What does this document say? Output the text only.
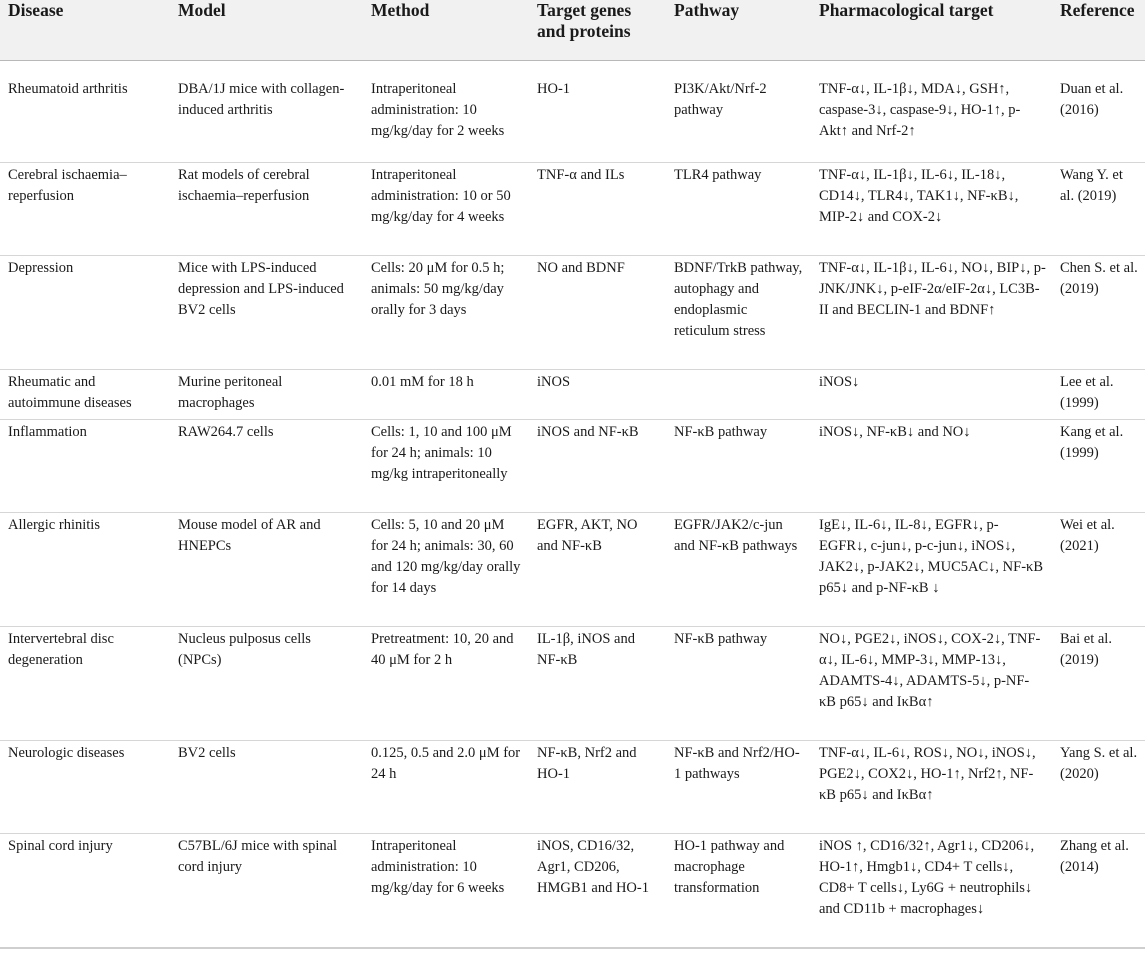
Disease	Model	Method	Target genes and proteins	Pathway	Pharmacological target	Reference

Rheumatoid arthritis	DBA/1J mice with collagen-induced arthritis	Intraperitoneal administration: 10 mg/kg/day for 2 weeks	HO-1	PI3K/Akt/Nrf-2 pathway	TNF-α↓, IL-1β↓, MDA↓, GSH↑, caspase-3↓, caspase-9↓, HO-1↑, p-Akt↑ and Nrf-2↑	Duan et al. (2016)
Cerebral ischaemia–reperfusion	Rat models of cerebral ischaemia–reperfusion	Intraperitoneal administration: 10 or 50 mg/kg/day for 4 weeks	TNF-α and ILs	TLR4 pathway	TNF-α↓, IL-1β↓, IL-6↓, IL-18↓, CD14↓, TLR4↓, TAK1↓, NF-κB↓, MIP-2↓ and COX-2↓	Wang Y. et al. (2019)
Depression	Mice with LPS-induced depression and LPS-induced BV2 cells	Cells: 20 μM for 0.5 h; animals: 50 mg/kg/day orally for 3 days	NO and BDNF	BDNF/TrkB pathway, autophagy and endoplasmic reticulum stress	TNF-α↓, IL-1β↓, IL-6↓, NO↓, BIP↓, p-JNK/JNK↓, p-eIF-2α/eIF-2α↓, LC3B-II and BECLIN-1 and BDNF↑	Chen S. et al. (2019)
Rheumatic and autoimmune diseases	Murine peritoneal macrophages	0.01 mM for 18 h	iNOS		iNOS↓	Lee et al. (1999)
Inflammation	RAW264.7 cells	Cells: 1, 10 and 100 μM for 24 h; animals: 10 mg/kg intraperitoneally	iNOS and NF-κB	NF-κB pathway	iNOS↓, NF-κB↓ and NO↓	Kang et al. (1999)
Allergic rhinitis	Mouse model of AR and HNEPCs	Cells: 5, 10 and 20 μM for 24 h; animals: 30, 60 and 120 mg/kg/day orally for 14 days	EGFR, AKT, NO and NF-κB	EGFR/JAK2/c-jun and NF-κB pathways	IgE↓, IL-6↓, IL-8↓, EGFR↓, p-EGFR↓, c-jun↓, p-c-jun↓, iNOS↓, JAK2↓, p-JAK2↓, MUC5AC↓, NF-κB p65↓ and p-NF-κB ↓	Wei et al. (2021)
Intervertebral disc degeneration	Nucleus pulposus cells (NPCs)	Pretreatment: 10, 20 and 40 μM for 2 h	IL-1β, iNOS and NF-κB	NF-κB pathway	NO↓, PGE2↓, iNOS↓, COX-2↓, TNF-α↓, IL-6↓, MMP-3↓, MMP-13↓, ADAMTS-4↓, ADAMTS-5↓, p-NF-κB p65↓ and IκBα↑	Bai et al. (2019)
Neurologic diseases	BV2 cells	0.125, 0.5 and 2.0 μM for 24 h	NF-κB, Nrf2 and HO-1	NF-κB and Nrf2/HO-1 pathways	TNF-α↓, IL-6↓, ROS↓, NO↓, iNOS↓, PGE2↓, COX2↓, HO-1↑, Nrf2↑, NF-κB p65↓ and IκBα↑	Yang S. et al. (2020)
Spinal cord injury	C57BL/6J mice with spinal cord injury	Intraperitoneal administration: 10 mg/kg/day for 6 weeks	iNOS, CD16/32, Agr1, CD206, HMGB1 and HO-1	HO-1 pathway and macrophage transformation	iNOS ↑, CD16/32↑, Agr1↓, CD206↓, HO-1↑, Hmgb1↓, CD4+ T cells↓, CD8+ T cells↓, Ly6G + neutrophils↓ and CD11b + macrophages↓	Zhang et al. (2014)
